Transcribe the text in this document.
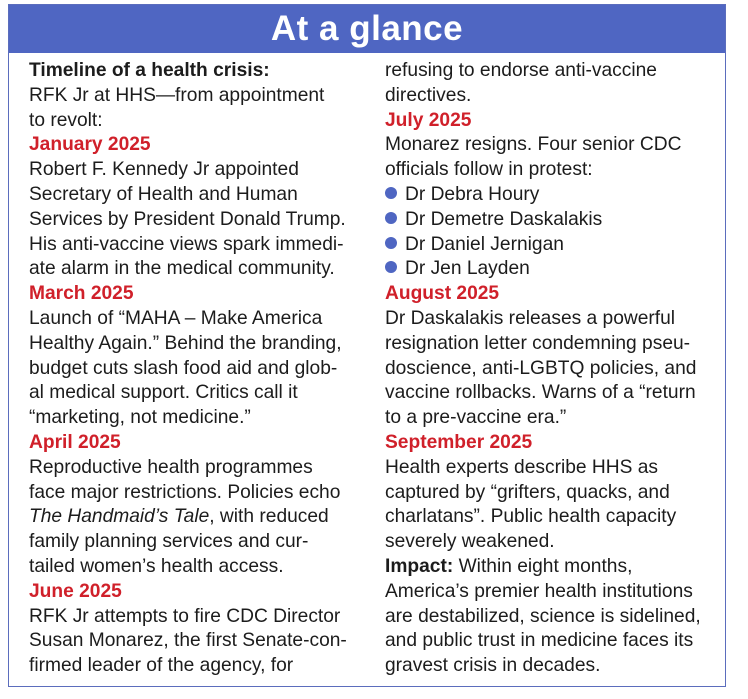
At a glance
Timeline of a health crisis:
RFK Jr at HHS—from appointment
to revolt:
January 2025
Robert F. Kennedy Jr appointed
Secretary of Health and Human
Services by President Donald Trump.
His anti-vaccine views spark immedi-
ate alarm in the medical community.
March 2025
Launch of “MAHA – Make America
Healthy Again.” Behind the branding,
budget cuts slash food aid and glob-
al medical support. Critics call it
“marketing, not medicine.”
April 2025
Reproductive health programmes
face major restrictions. Policies echo
The Handmaid’s Tale, with reduced
family planning services and cur-
tailed women’s health access.
June 2025
RFK Jr attempts to fire CDC Director
Susan Monarez, the first Senate-con-
firmed leader of the agency, for
refusing to endorse anti-vaccine
directives.
July 2025
Monarez resigns. Four senior CDC
officials follow in protest:
Dr Debra Houry
Dr Demetre Daskalakis
Dr Daniel Jernigan
Dr Jen Layden
August 2025
Dr Daskalakis releases a powerful
resignation letter condemning pseu-
doscience, anti-LGBTQ policies, and
vaccine rollbacks. Warns of a “return
to a pre-vaccine era.”
September 2025
Health experts describe HHS as
captured by “grifters, quacks, and
charlatans”. Public health capacity
severely weakened.
Impact: Within eight months,
America’s premier health institutions
are destabilized, science is sidelined,
and public trust in medicine faces its
gravest crisis in decades.
